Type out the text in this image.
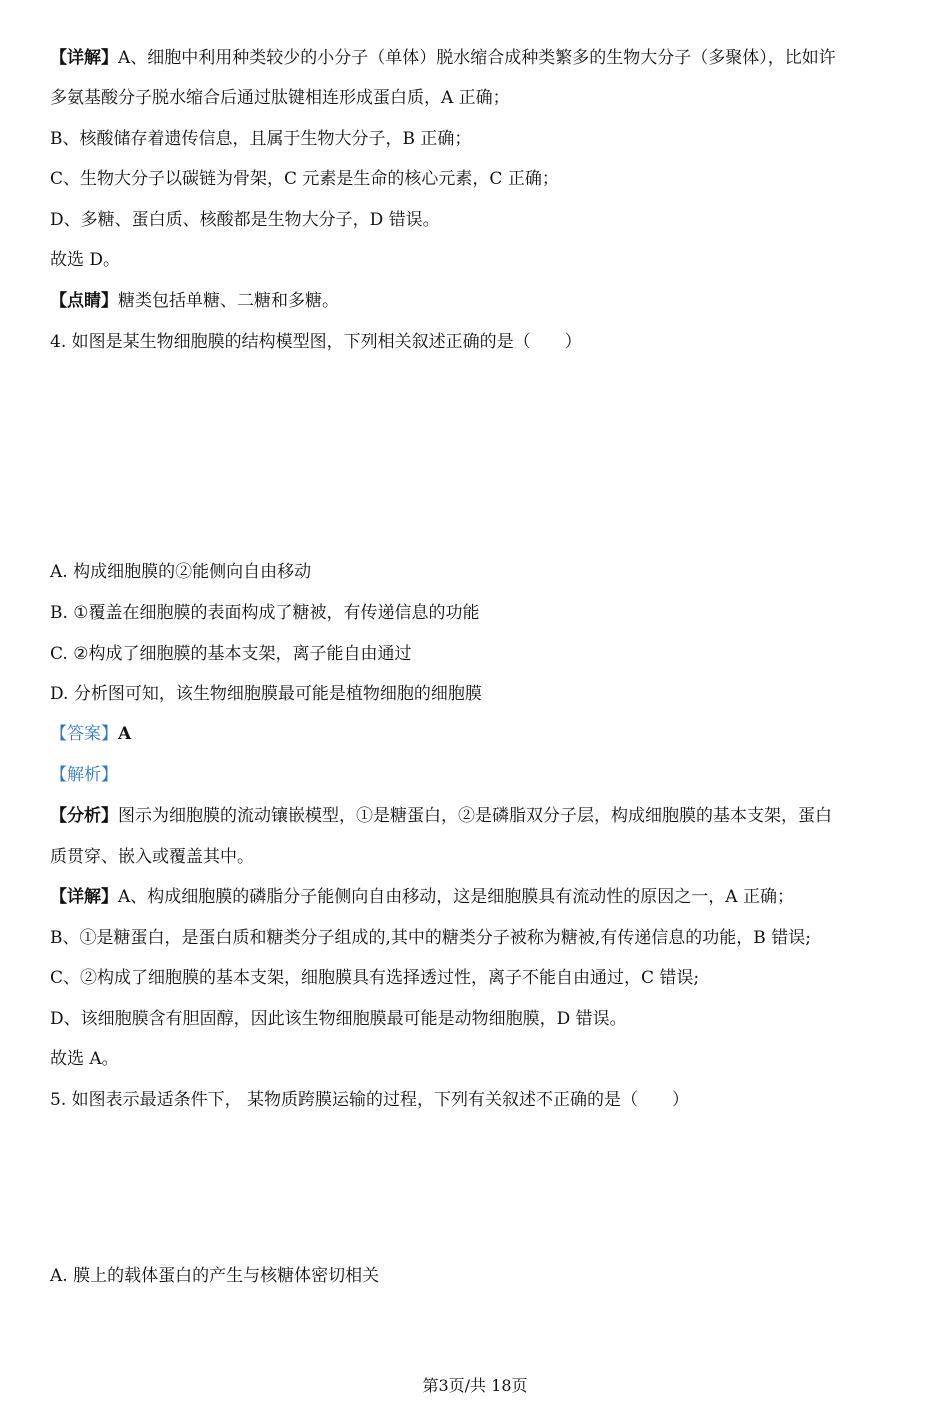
【详解】A、细胞中利用种类较少的小分子（单体）脱水缩合成种类繁多的生物大分子（多聚体），比如许
多氨基酸分子脱水缩合后通过肽键相连形成蛋白质，A 正确；
B、核酸储存着遗传信息，且属于生物大分子，B 正确；
C、生物大分子以碳链为骨架，C 元素是生命的核心元素，C 正确；
D、多糖、蛋白质、核酸都是生物大分子，D 错误。
故选 D。
【点睛】糖类包括单糖、二糖和多糖。
4. 如图是某生物细胞膜的结构模型图，下列相关叙述正确的是（　　）
A. 构成细胞膜的②能侧向自由移动
B. ①覆盖在细胞膜的表面构成了糖被，有传递信息的功能
C. ②构成了细胞膜的基本支架，离子能自由通过
D. 分析图可知，该生物细胞膜最可能是植物细胞的细胞膜
【答案】A
【解析】
【分析】图示为细胞膜的流动镶嵌模型，①是糖蛋白，②是磷脂双分子层，构成细胞膜的基本支架，蛋白
质贯穿、嵌入或覆盖其中。
【详解】A、构成细胞膜的磷脂分子能侧向自由移动，这是细胞膜具有流动性的原因之一，A 正确；
B、①是糖蛋白，是蛋白质和糖类分子组成的,其中的糖类分子被称为糖被,有传递信息的功能，B 错误;
C、②构成了细胞膜的基本支架，细胞膜具有选择透过性，离子不能自由通过，C 错误;
D、该细胞膜含有胆固醇，因此该生物细胞膜最可能是动物细胞膜，D 错误。
故选 A。
5. 如图表示最适条件下， 某物质跨膜运输的过程，下列有关叙述不正确的是（　　）
A. 膜上的载体蛋白的产生与核糖体密切相关
第3页/共 18页
